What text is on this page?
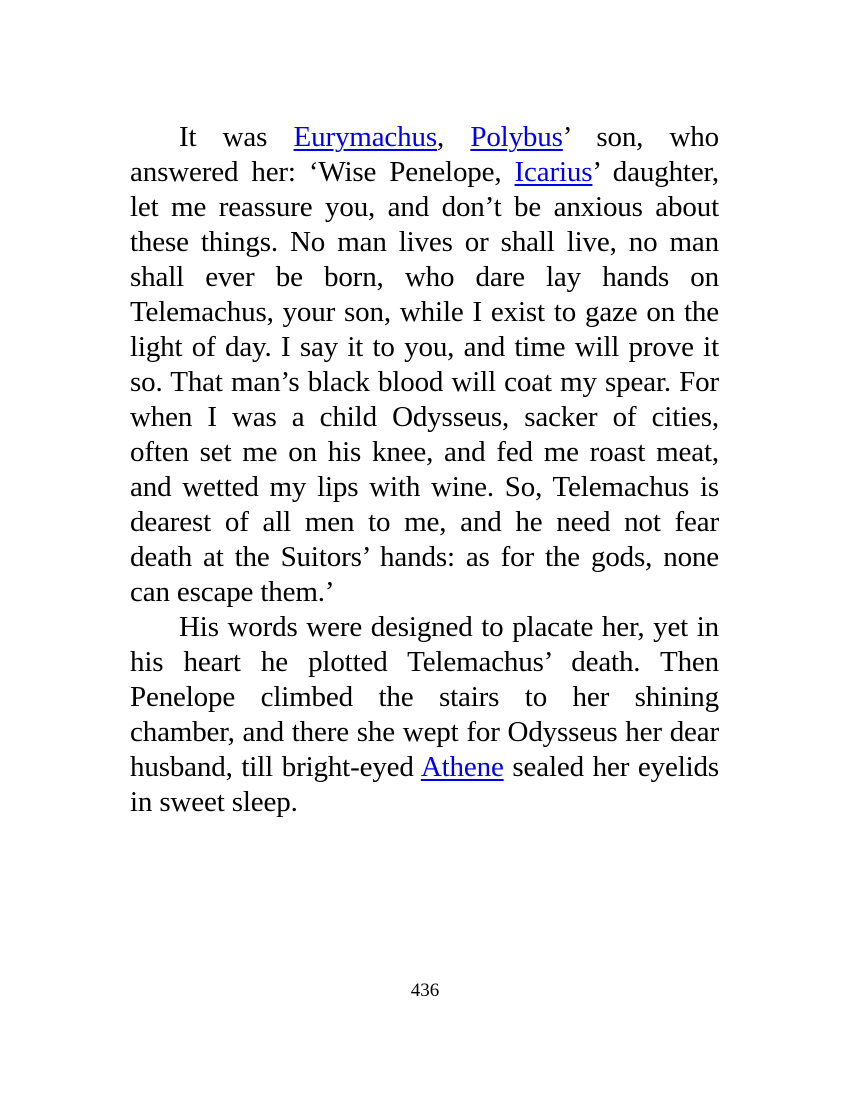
It was Eurymachus, Polybus’ son, who answered her: ‘Wise Penelope, Icarius’ daughter, let me reassure you, and don’t be anxious about these things. No man lives or shall live, no man shall ever be born, who dare lay hands on Telemachus, your son, while I exist to gaze on the light of day. I say it to you, and time will prove it so. That man’s black blood will coat my spear. For when I was a child Odysseus, sacker of cities, often set me on his knee, and fed me roast meat, and wetted my lips with wine. So, Telemachus is dearest of all men to me, and he need not fear death at the Suitors’ hands: as for the gods, none can escape them.’

His words were designed to placate her, yet in his heart he plotted Telemachus’ death. Then Penelope climbed the stairs to her shining chamber, and there she wept for Odysseus her dear husband, till bright-eyed Athene sealed her eyelids in sweet sleep.

436
